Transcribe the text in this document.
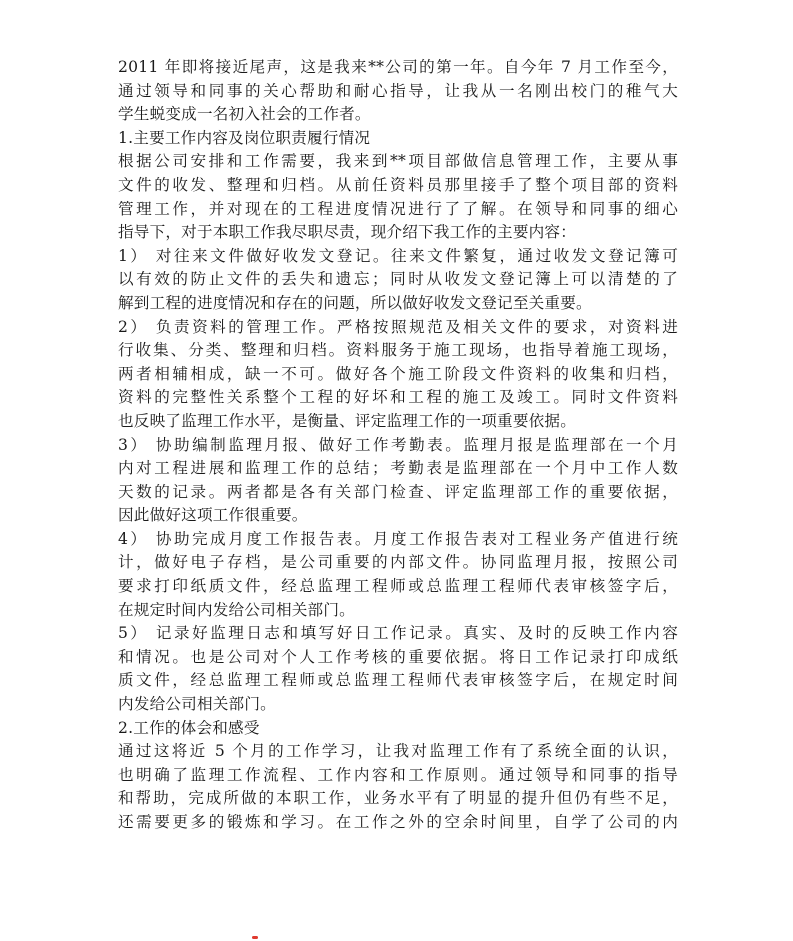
2011 年即将接近尾声，这是我来**公司的第一年。自今年 7 月工作至今，
通过领导和同事的关心帮助和耐心指导，让我从一名刚出校门的稚气大
学生蜕变成一名初入社会的工作者。
1.主要工作内容及岗位职责履行情况
根据公司安排和工作需要，我来到**项目部做信息管理工作，主要从事
文件的收发、整理和归档。从前任资料员那里接手了整个项目部的资料
管理工作，并对现在的工程进度情况进行了了解。在领导和同事的细心
指导下，对于本职工作我尽职尽责，现介绍下我工作的主要内容：
1） 对往来文件做好收发文登记。往来文件繁复，通过收发文登记簿可
以有效的防止文件的丢失和遗忘；同时从收发文登记簿上可以清楚的了
解到工程的进度情况和存在的问题，所以做好收发文登记至关重要。
2） 负责资料的管理工作。严格按照规范及相关文件的要求，对资料进
行收集、分类、整理和归档。资料服务于施工现场，也指导着施工现场，
两者相辅相成，缺一不可。做好各个施工阶段文件资料的收集和归档，
资料的完整性关系整个工程的好坏和工程的施工及竣工。同时文件资料
也反映了监理工作水平，是衡量、评定监理工作的一项重要依据。
3） 协助编制监理月报、做好工作考勤表。监理月报是监理部在一个月
内对工程进展和监理工作的总结；考勤表是监理部在一个月中工作人数
天数的记录。两者都是各有关部门检查、评定监理部工作的重要依据，
因此做好这项工作很重要。
4） 协助完成月度工作报告表。月度工作报告表对工程业务产值进行统
计，做好电子存档，是公司重要的内部文件。协同监理月报，按照公司
要求打印纸质文件，经总监理工程师或总监理工程师代表审核签字后，
在规定时间内发给公司相关部门。
5） 记录好监理日志和填写好日工作记录。真实、及时的反映工作内容
和情况。也是公司对个人工作考核的重要依据。将日工作记录打印成纸
质文件，经总监理工程师或总监理工程师代表审核签字后，在规定时间
内发给公司相关部门。
2.工作的体会和感受
通过这将近 5 个月的工作学习，让我对监理工作有了系统全面的认识，
也明确了监理工作流程、工作内容和工作原则。通过领导和同事的指导
和帮助，完成所做的本职工作，业务水平有了明显的提升但仍有些不足，
还需要更多的锻炼和学习。在工作之外的空余时间里，自学了公司的内
